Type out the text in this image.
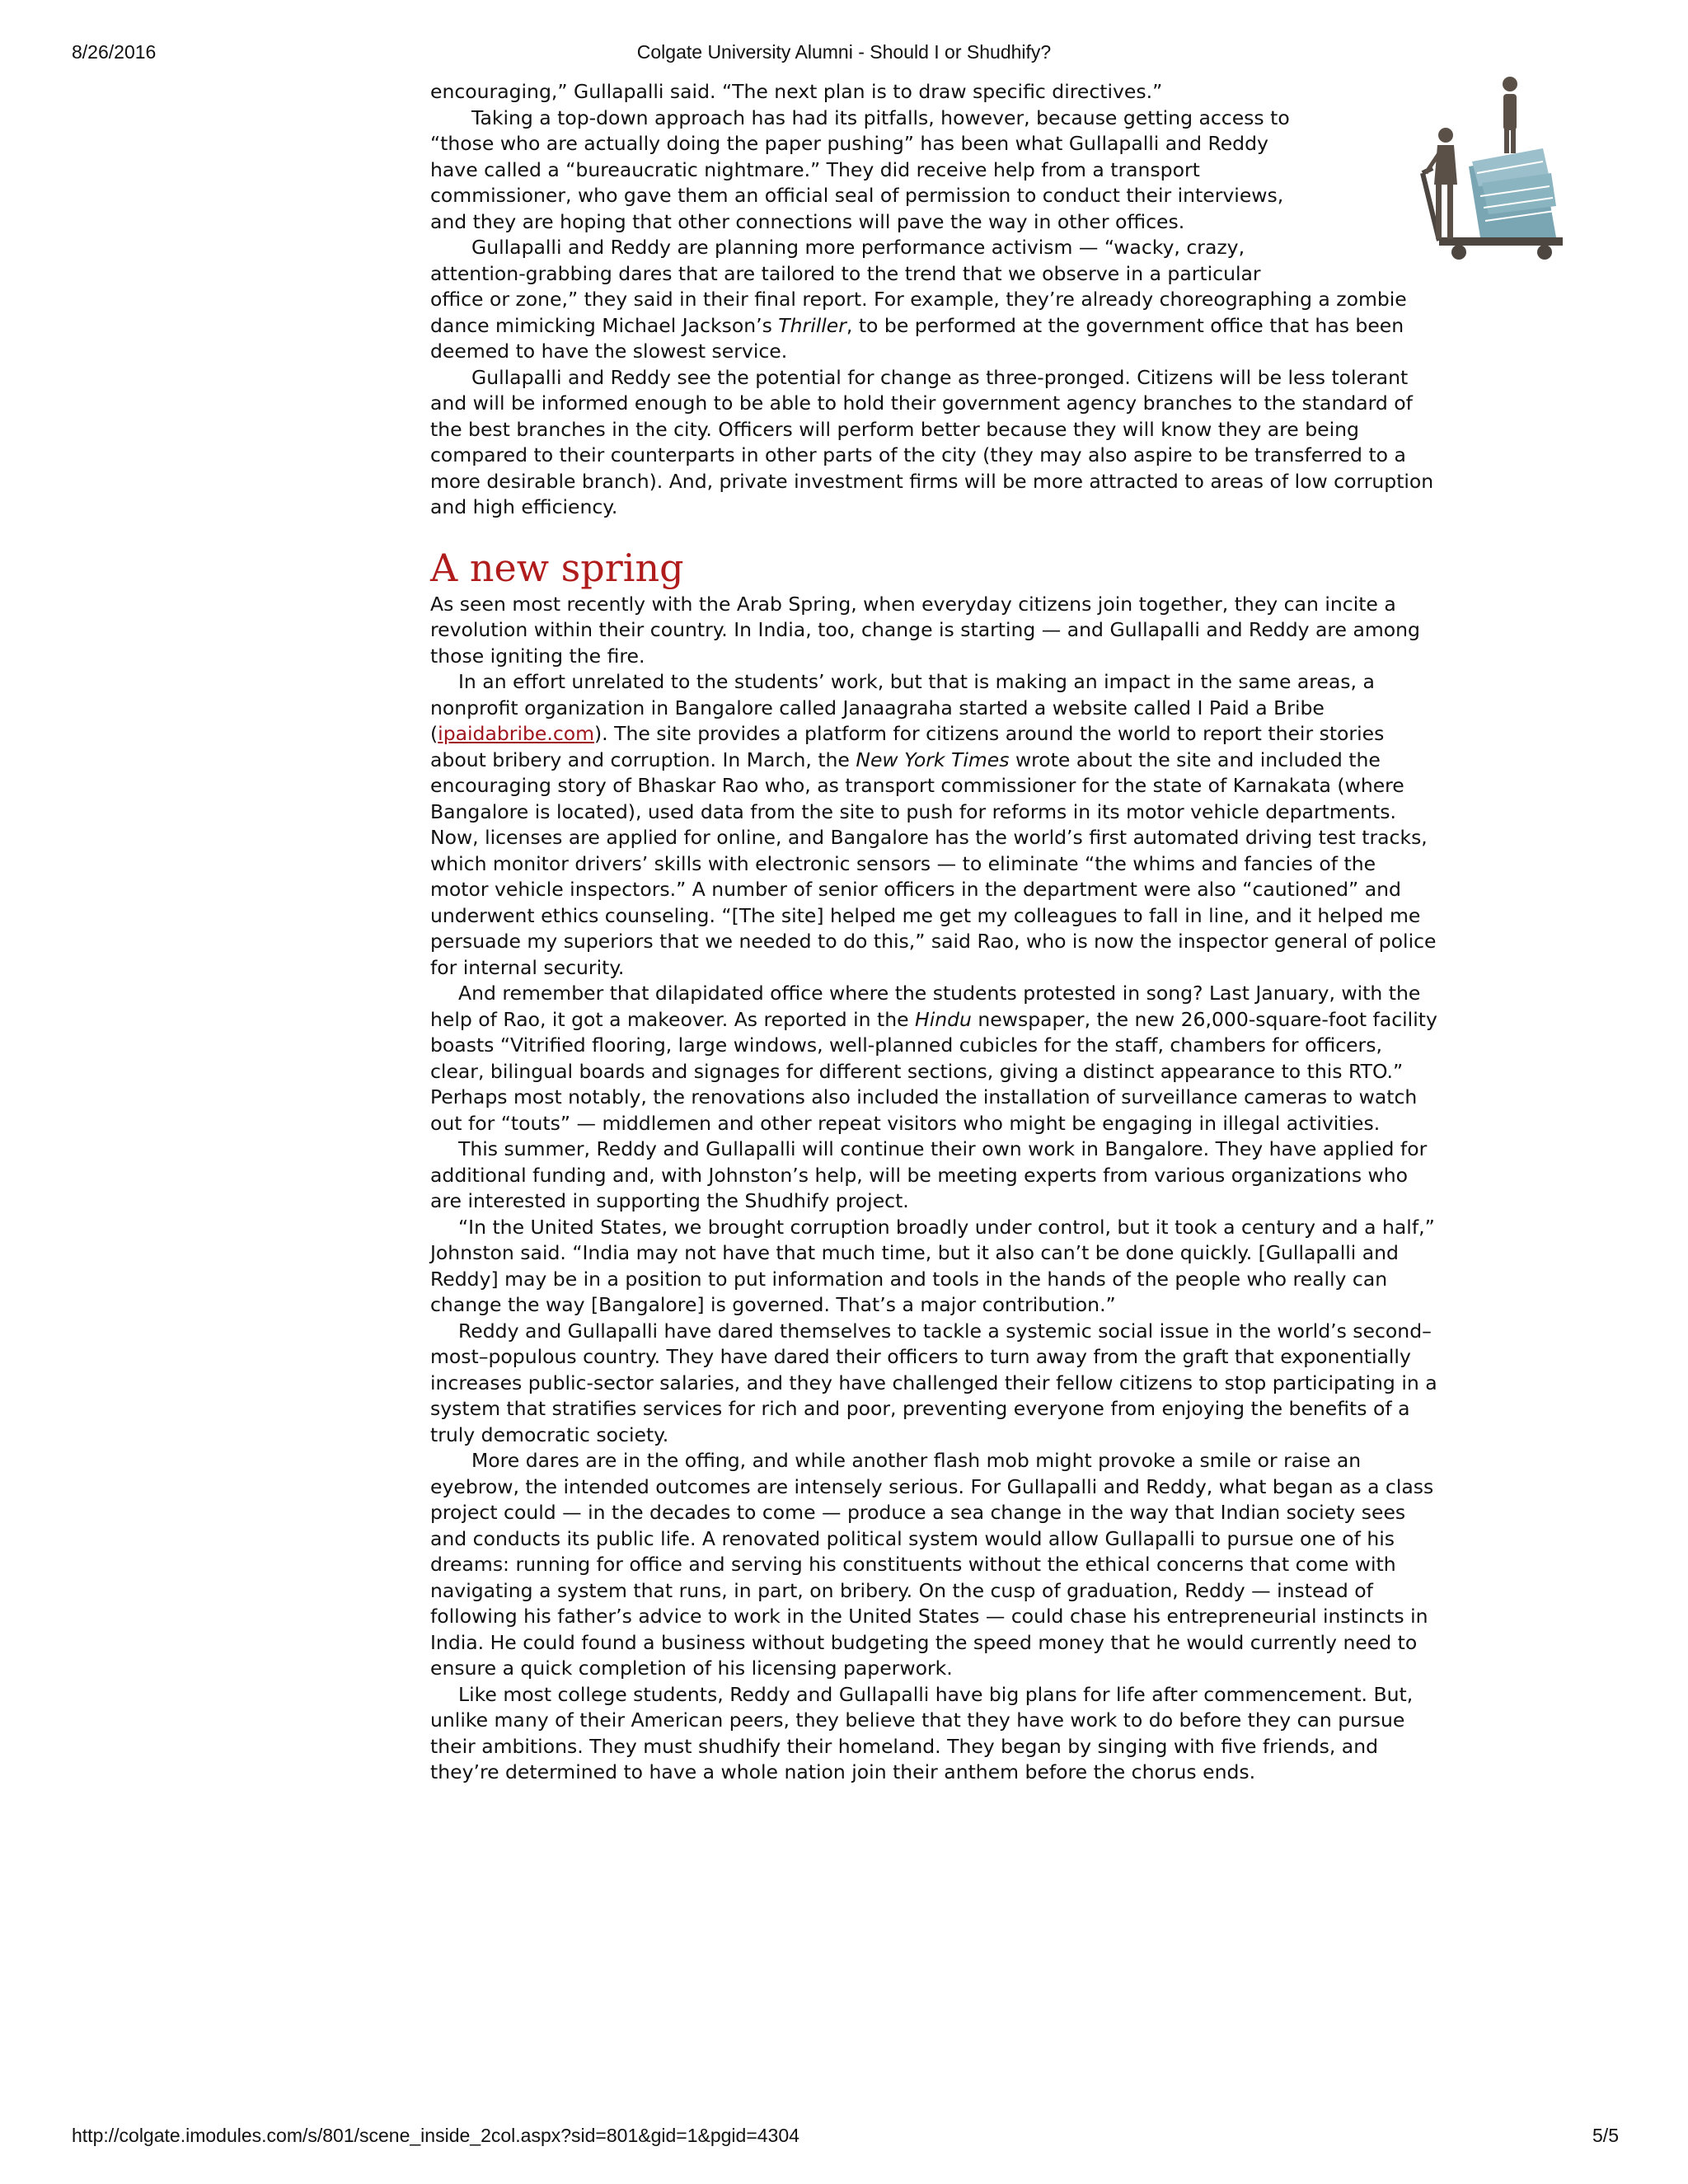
8/26/2016	Colgate University Alumni - Should I or Shudhify?
encouraging,” Gullapalli said. “The next plan is to draw specific directives.”
Taking a top-down approach has had its pitfalls, however, because getting access to
“those who are actually doing the paper pushing” has been what Gullapalli and Reddy
have called a “bureaucratic nightmare.” They did receive help from a transport
commissioner, who gave them an official seal of permission to conduct their interviews,
and they are hoping that other connections will pave the way in other offices.
Gullapalli and Reddy are planning more performance activism — “wacky, crazy,
attention-grabbing dares that are tailored to the trend that we observe in a particular
office or zone,” they said in their final report. For example, they’re already choreographing a zombie
dance mimicking Michael Jackson’s Thriller, to be performed at the government office that has been
deemed to have the slowest service.
Gullapalli and Reddy see the potential for change as three-pronged. Citizens will be less tolerant
and will be informed enough to be able to hold their government agency branches to the standard of
the best branches in the city. Officers will perform better because they will know they are being
compared to their counterparts in other parts of the city (they may also aspire to be transferred to a
more desirable branch). And, private investment firms will be more attracted to areas of low corruption
and high efficiency.
A new spring
As seen most recently with the Arab Spring, when everyday citizens join together, they can incite a
revolution within their country. In India, too, change is starting — and Gullapalli and Reddy are among
those igniting the fire.
In an effort unrelated to the students’ work, but that is making an impact in the same areas, a
nonprofit organization in Bangalore called Janaagraha started a website called I Paid a Bribe
(ipaidabribe.com). The site provides a platform for citizens around the world to report their stories
about bribery and corruption. In March, the New York Times wrote about the site and included the
encouraging story of Bhaskar Rao who, as transport commissioner for the state of Karnakata (where
Bangalore is located), used data from the site to push for reforms in its motor vehicle departments.
Now, licenses are applied for online, and Bangalore has the world’s first automated driving test tracks,
which monitor drivers’ skills with electronic sensors — to eliminate “the whims and fancies of the
motor vehicle inspectors.” A number of senior officers in the department were also “cautioned” and
underwent ethics counseling. “[The site] helped me get my colleagues to fall in line, and it helped me
persuade my superiors that we needed to do this,” said Rao, who is now the inspector general of police
for internal security.
And remember that dilapidated office where the students protested in song? Last January, with the
help of Rao, it got a makeover. As reported in the Hindu newspaper, the new 26,000-square-foot facility
boasts “Vitrified flooring, large windows, well-planned cubicles for the staff, chambers for officers,
clear, bilingual boards and signages for different sections, giving a distinct appearance to this RTO.”
Perhaps most notably, the renovations also included the installation of surveillance cameras to watch
out for “touts” — middlemen and other repeat visitors who might be engaging in illegal activities.
This summer, Reddy and Gullapalli will continue their own work in Bangalore. They have applied for
additional funding and, with Johnston’s help, will be meeting experts from various organizations who
are interested in supporting the Shudhify project.
“In the United States, we brought corruption broadly under control, but it took a century and a half,”
Johnston said. “India may not have that much time, but it also can’t be done quickly. [Gullapalli and
Reddy] may be in a position to put information and tools in the hands of the people who really can
change the way [Bangalore] is governed. That’s a major contribution.”
Reddy and Gullapalli have dared themselves to tackle a systemic social issue in the world’s second–
most–populous country. They have dared their officers to turn away from the graft that exponentially
increases public-sector salaries, and they have challenged their fellow citizens to stop participating in a
system that stratifies services for rich and poor, preventing everyone from enjoying the benefits of a
truly democratic society.
More dares are in the offing, and while another flash mob might provoke a smile or raise an
eyebrow, the intended outcomes are intensely serious. For Gullapalli and Reddy, what began as a class
project could — in the decades to come — produce a sea change in the way that Indian society sees
and conducts its public life. A renovated political system would allow Gullapalli to pursue one of his
dreams: running for office and serving his constituents without the ethical concerns that come with
navigating a system that runs, in part, on bribery. On the cusp of graduation, Reddy — instead of
following his father’s advice to work in the United States — could chase his entrepreneurial instincts in
India. He could found a business without budgeting the speed money that he would currently need to
ensure a quick completion of his licensing paperwork.
Like most college students, Reddy and Gullapalli have big plans for life after commencement. But,
unlike many of their American peers, they believe that they have work to do before they can pursue
their ambitions. They must shudhify their homeland. They began by singing with five friends, and
they’re determined to have a whole nation join their anthem before the chorus ends.
http://colgate.imodules.com/s/801/scene_inside_2col.aspx?sid=801&gid=1&pgid=4304	5/5
